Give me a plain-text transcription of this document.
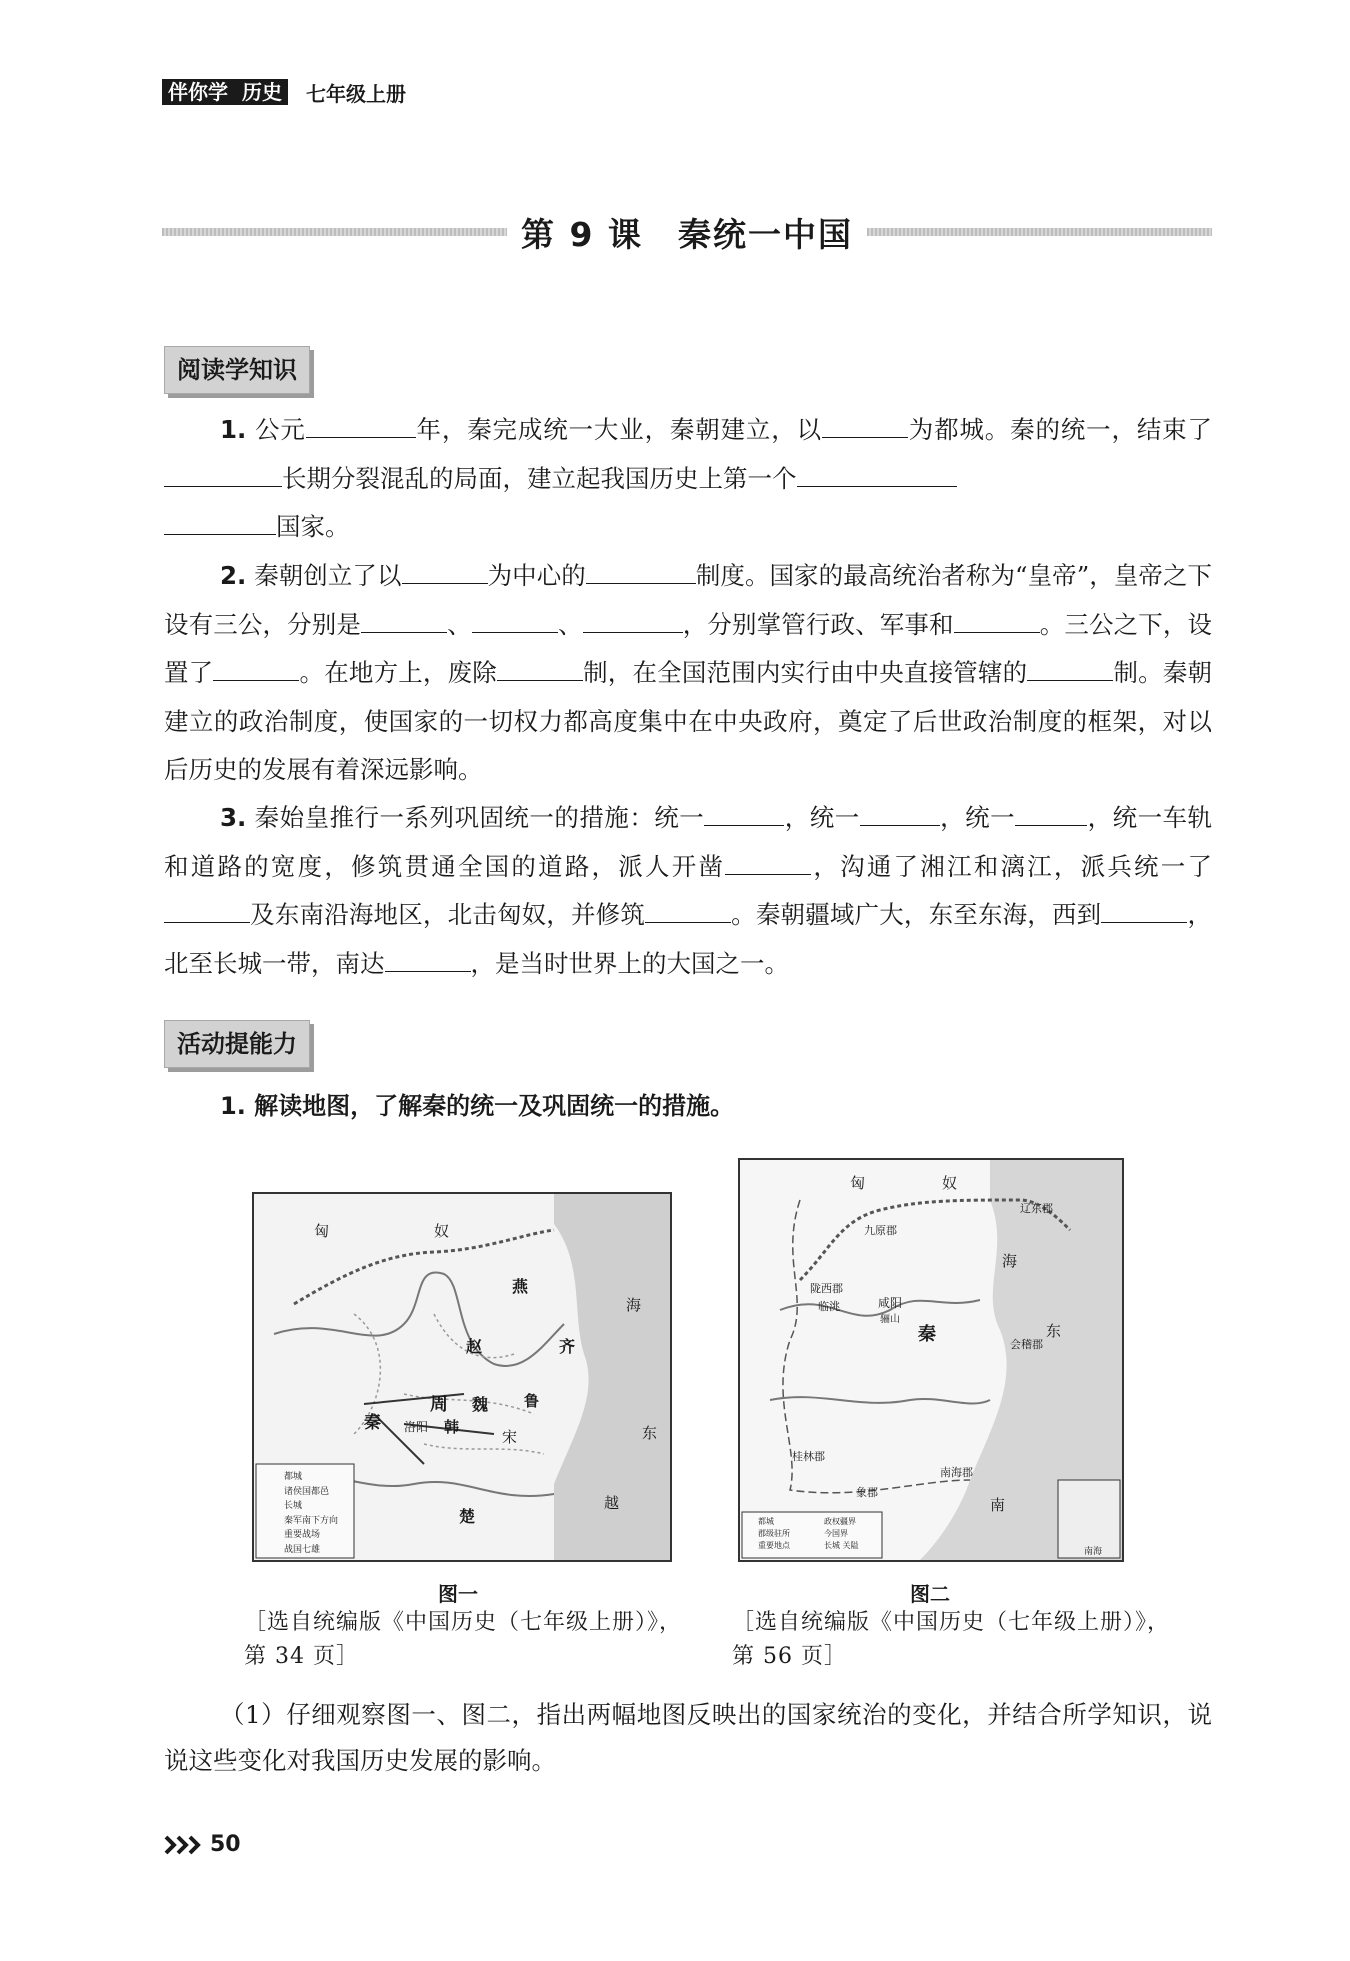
伴你学 历史 七年级上册
第 9 课　秦统一中国
阅读学知识
1. 公元	年，秦完成统一大业，秦朝建立，以	为都城。秦的统一，结束了长期分裂混乱的局面，建立起我国历史上第一个
国家。
2. 秦朝创立了以	为中心的	制度。国家的最高统治者称为“皇帝”，皇帝之下设有三公，分别是	、	、	，分别掌管行政、军事和	。三公之下，设置了	。在地方上，废除	制，在全国范围内实行由中央直接管辖的	制。秦朝建立的政治制度，使国家的一切权力都高度集中在中央政府，奠定了后世政治制度的框架，对以后历史的发展有着深远影响。
3. 秦始皇推行一系列巩固统一的措施：统一	，统一	，统一	，统一车轨和道路的宽度，修筑贯通全国的道路，派人开凿	，沟通了湘江和漓江，派兵统一了及东南沿海地区，北击匈奴，并修筑	。秦朝疆域广大，东至东海，西到	，北至长城一带，南达	，是当时世界上的大国之一。
活动提能力
1. 解读地图，了解秦的统一及巩固统一的措施。
匈	奴
燕
赵	齐
魏
周
韩
秦
宋
鲁
楚
越
洛阳
海
东
都城
诸侯国都邑
长城
秦军南下方向
重要战场
战国七雄
匈	奴
九原郡
辽东郡
陇西郡
临洮	咸阳
秦	会稽郡
桂林郡
象郡
南海郡
海
东
南
骊山
都城	政权疆界
郡级驻所	今国界
重要地点	长城 关隘
南海
图一	图二
［选自统编版《中国历史（七年级上册）》，第 34 页］
［选自统编版《中国历史（七年级上册）》，第 56 页］
（1）仔细观察图一、图二，指出两幅地图反映出的国家统治的变化，并结合所学知识，说说这些变化对我国历史发展的影响。
50
